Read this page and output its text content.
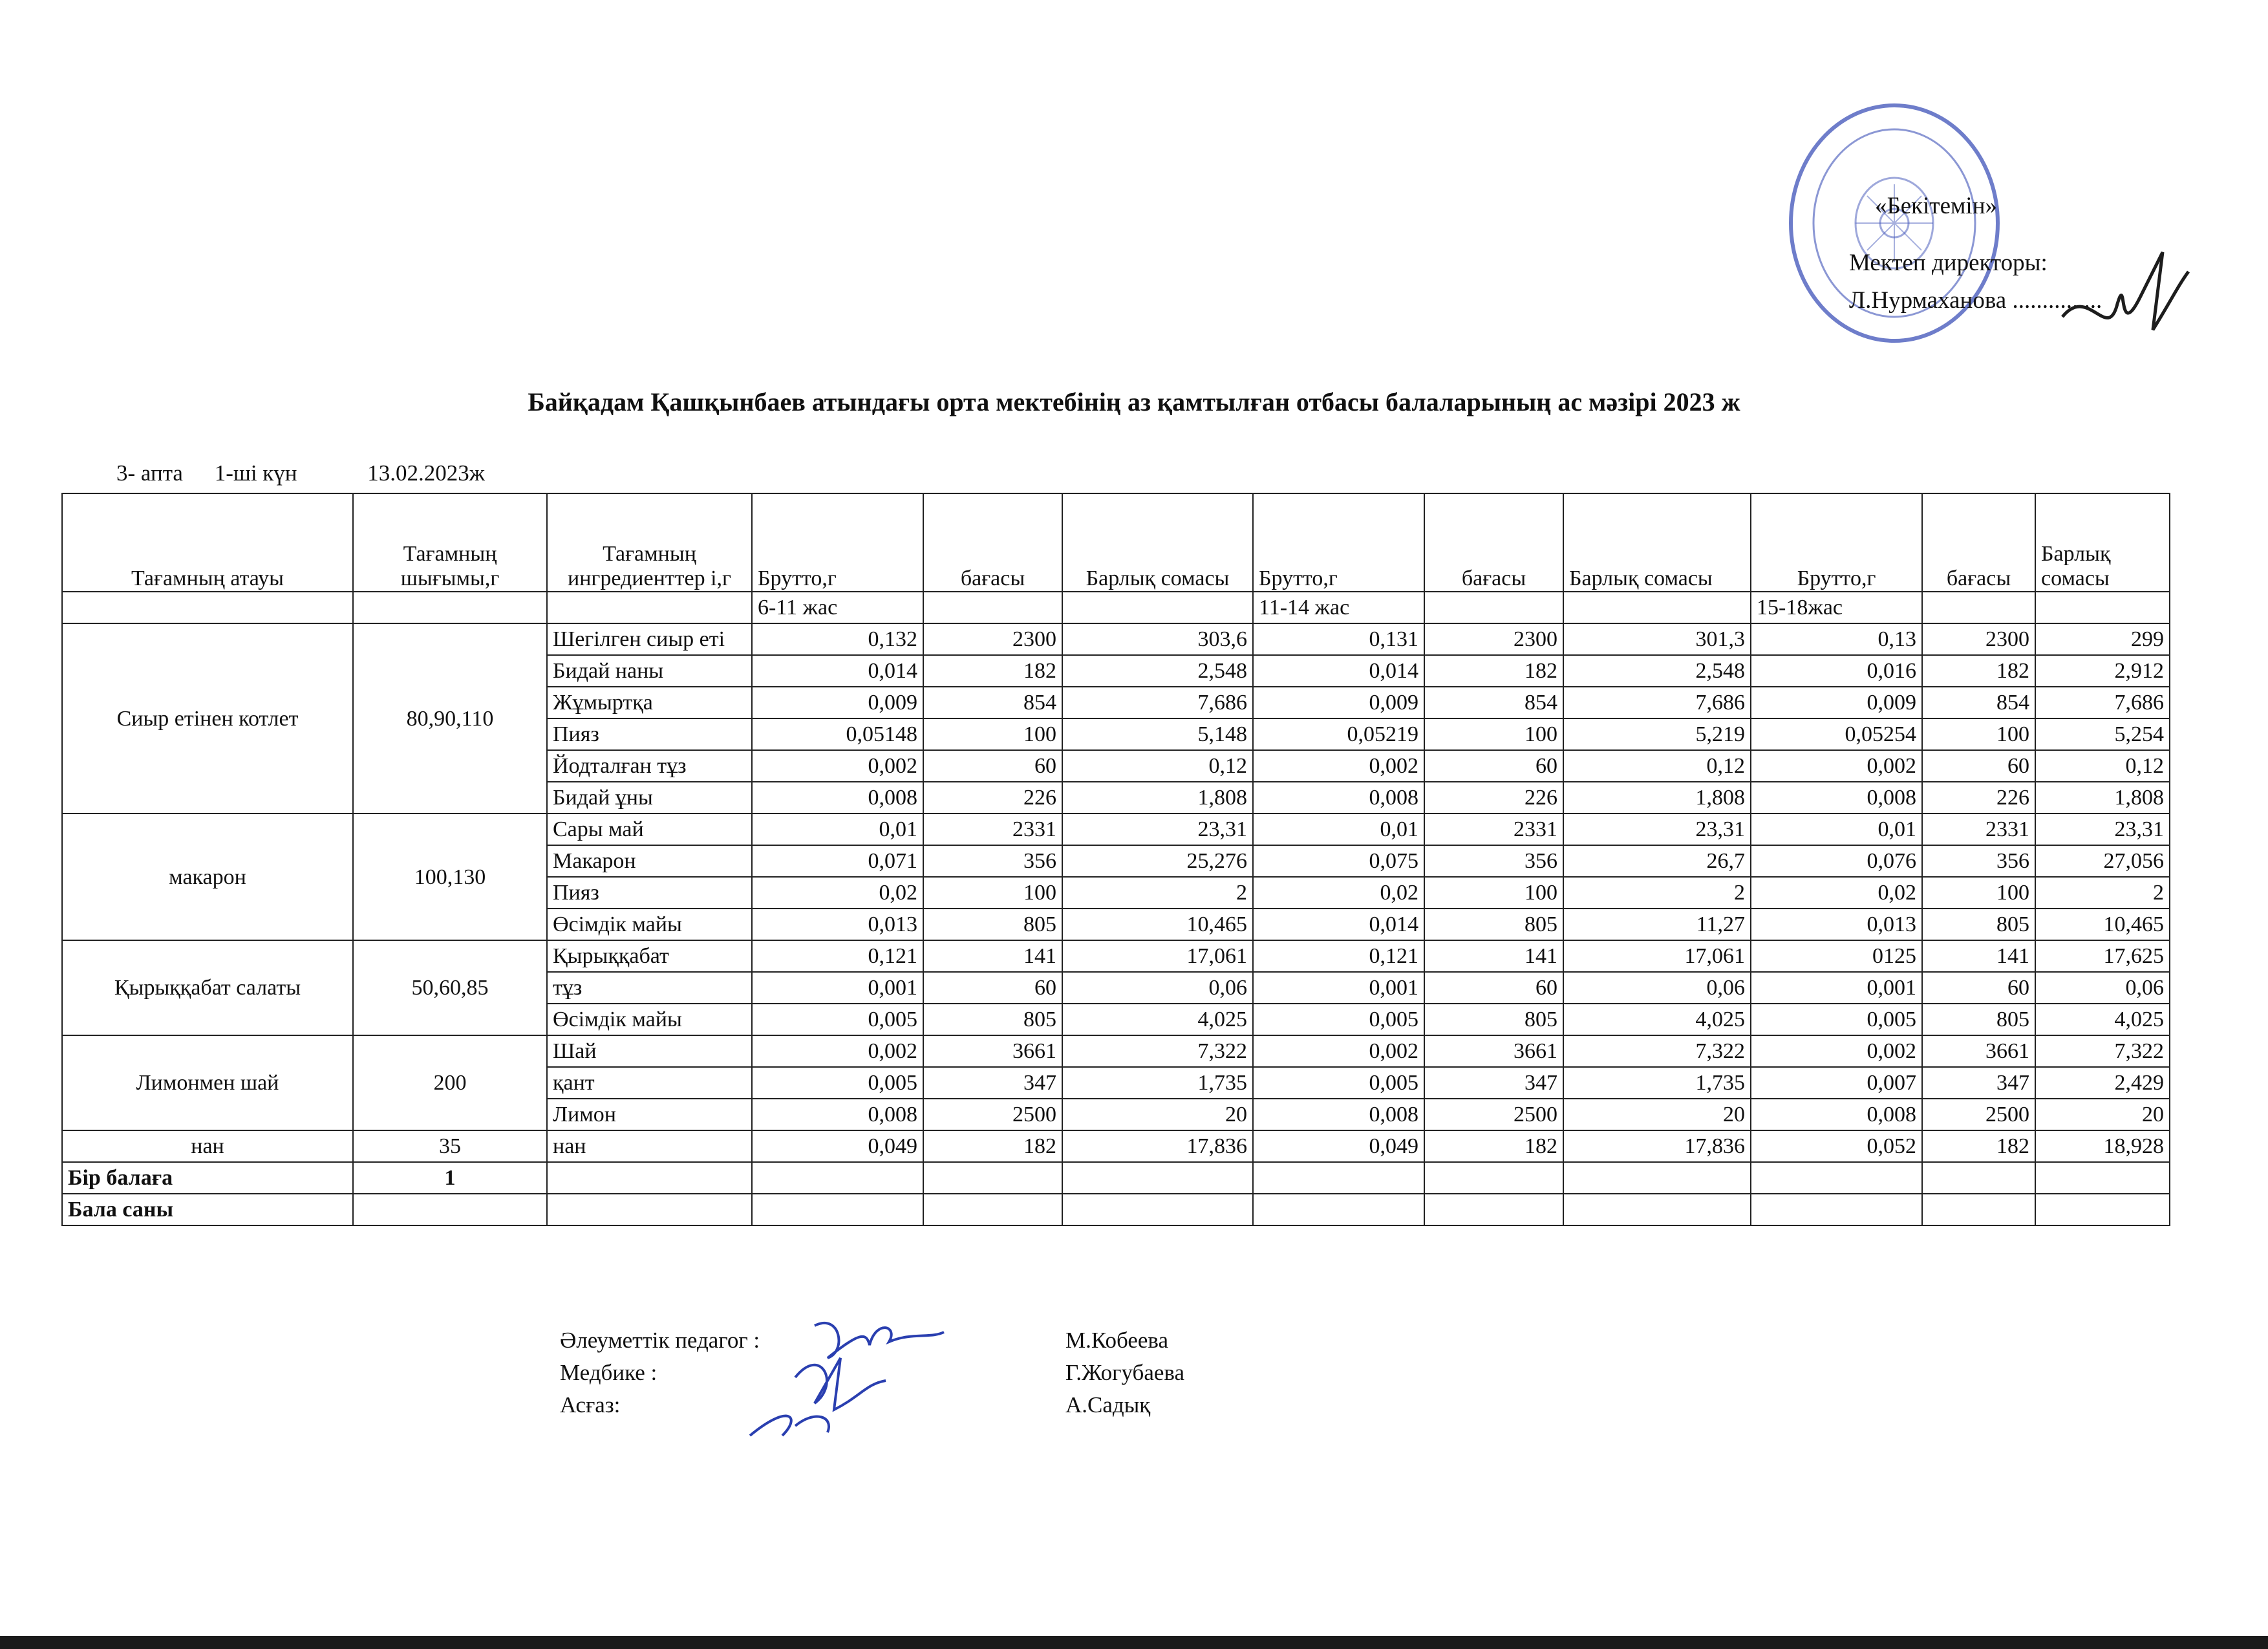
«Бекітемін»
Мектеп директоры:
Л.Нурмаханова ...............
Байқадам Қашқынбаев атындағы орта мектебінің аз қамтылған отбасы балаларының ас мәзірі 2023 ж
3- апта 1-ші күн	13.02.2023ж
Тағамның атауы	Тағамның шығымы,г	Тағамның ингредиенттер і,г	Брутто,г	бағасы	Барлық сомасы	Брутто,г	бағасы	Барлық сомасы	Брутто,г	бағасы	Барлық сомасы
			6-11 жас			11-14 жас			15-18жас		
Сиыр етінен котлет	80,90,110	Шегілген сиыр еті	0,132	2300	303,6	0,131	2300	301,3	0,13	2300	299
		Бидай наны	0,014	182	2,548	0,014	182	2,548	0,016	182	2,912
		Жұмыртқа	0,009	854	7,686	0,009	854	7,686	0,009	854	7,686
		Пияз	0,05148	100	5,148	0,05219	100	5,219	0,05254	100	5,254
		Йодталған тұз	0,002	60	0,12	0,002	60	0,12	0,002	60	0,12
		Бидай ұны	0,008	226	1,808	0,008	226	1,808	0,008	226	1,808
макарон	100,130	Сары май	0,01	2331	23,31	0,01	2331	23,31	0,01	2331	23,31
		Макарон	0,071	356	25,276	0,075	356	26,7	0,076	356	27,056
		Пияз	0,02	100	2	0,02	100	2	0,02	100	2
		Өсімдік майы	0,013	805	10,465	0,014	805	11,27	0,013	805	10,465
Қырыққабат салаты	50,60,85	Қырыққабат	0,121	141	17,061	0,121	141	17,061	0125	141	17,625
		тұз	0,001	60	0,06	0,001	60	0,06	0,001	60	0,06
		Өсімдік майы	0,005	805	4,025	0,005	805	4,025	0,005	805	4,025
Лимонмен шай	200	Шай	0,002	3661	7,322	0,002	3661	7,322	0,002	3661	7,322
		қант	0,005	347	1,735	0,005	347	1,735	0,007	347	2,429
		Лимон	0,008	2500	20	0,008	2500	20	0,008	2500	20
нан	35	нан	0,049	182	17,836	0,049	182	17,836	0,052	182	18,928
Бір балаға	1										
Бала саны											
Әлеуметтік педагог :
Медбике :
Асғаз:
М.Кобеева
Г.Жогубаева
А.Садық
